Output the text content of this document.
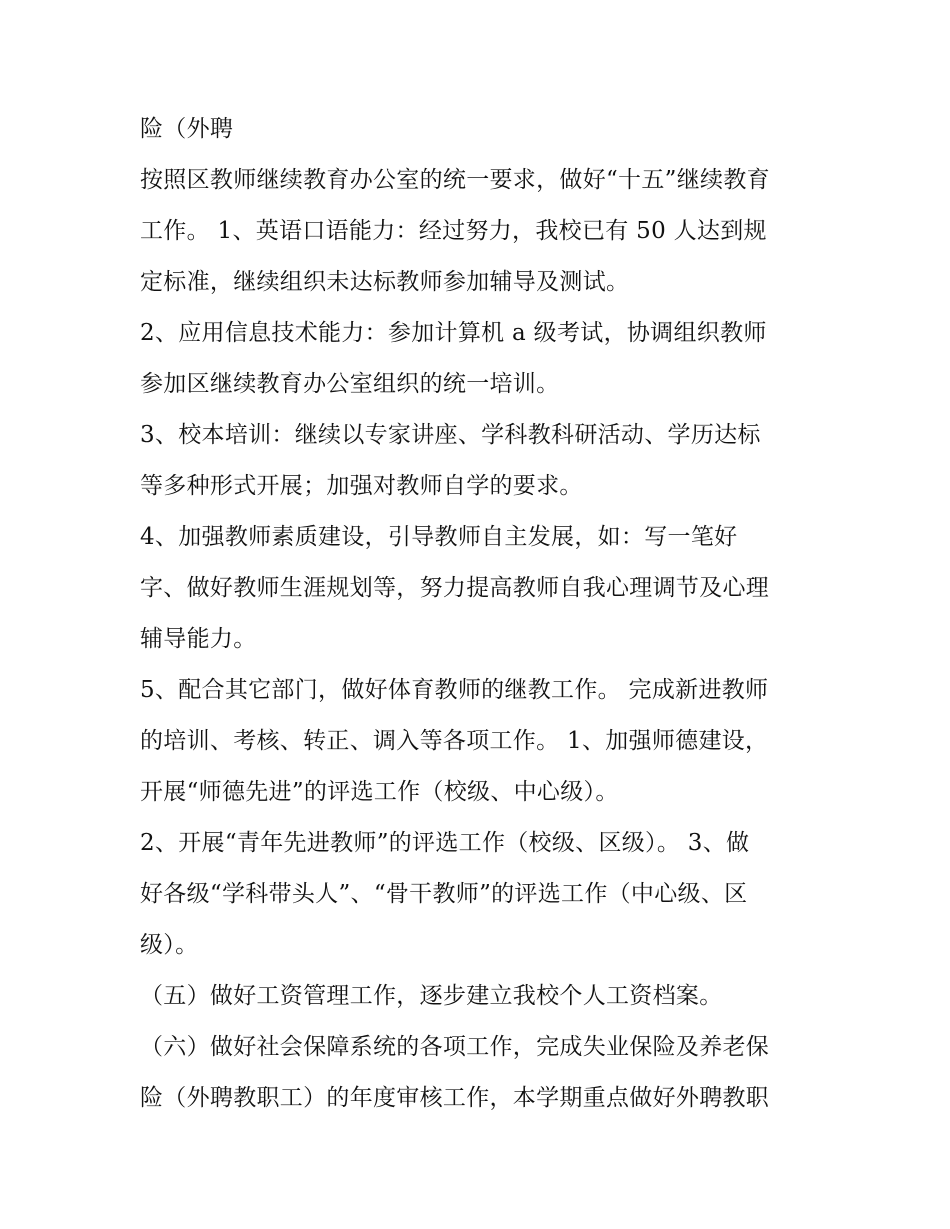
险（外聘
按照区教师继续教育办公室的统一要求，做好“十五”继续教育
工作。 1、英语口语能力：经过努力，我校已有 50 人达到规
定标准，继续组织未达标教师参加辅导及测试。
2、应用信息技术能力：参加计算机 a 级考试，协调组织教师
参加区继续教育办公室组织的统一培训。
3、校本培训：继续以专家讲座、学科教科研活动、学历达标
等多种形式开展；加强对教师自学的要求。
4、加强教师素质建设，引导教师自主发展，如：写一笔好
字、做好教师生涯规划等，努力提高教师自我心理调节及心理
辅导能力。
5、配合其它部门，做好体育教师的继教工作。 完成新进教师
的培训、考核、转正、调入等各项工作。 1、加强师德建设，
开展“师德先进”的评选工作（校级、中心级）。
2、开展“青年先进教师”的评选工作（校级、区级）。 3、做
好各级“学科带头人”、“骨干教师”的评选工作（中心级、区
级）。
（五）做好工资管理工作，逐步建立我校个人工资档案。
（六）做好社会保障系统的各项工作，完成失业保险及养老保
险（外聘教职工）的年度审核工作，本学期重点做好外聘教职
